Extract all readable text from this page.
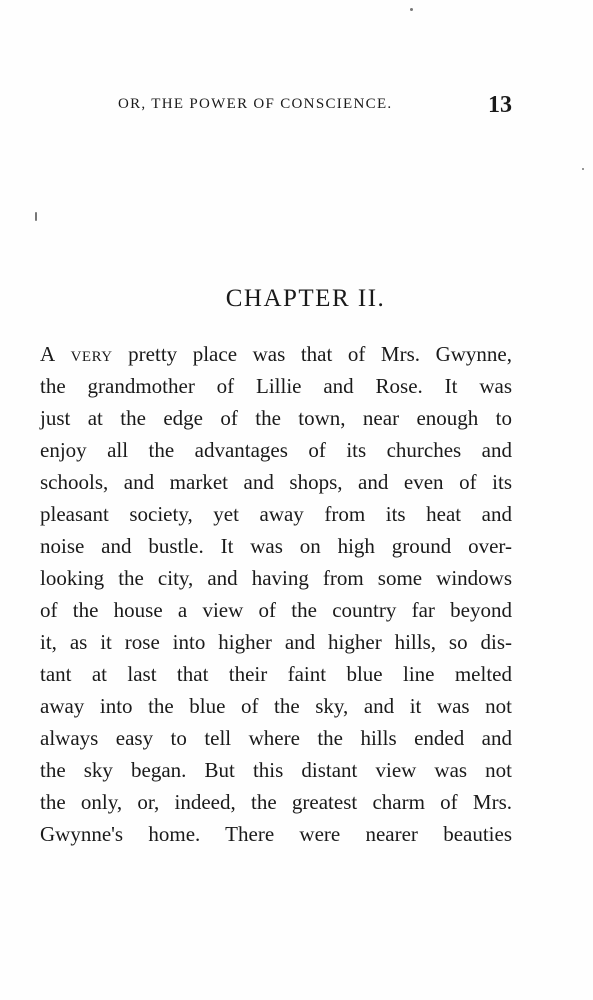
OR, THE POWER OF CONSCIENCE.	13
CHAPTER II.
A very pretty place was that of Mrs. Gwynne,
the grandmother of Lillie and Rose. It was
just at the edge of the town, near enough to
enjoy all the advantages of its churches and
schools, and market and shops, and even of its
pleasant society, yet away from its heat and
noise and bustle. It was on high ground over-
looking the city, and having from some windows
of the house a view of the country far beyond
it, as it rose into higher and higher hills, so dis-
tant at last that their faint blue line melted
away into the blue of the sky, and it was not
always easy to tell where the hills ended and
the sky began. But this distant view was not
the only, or, indeed, the greatest charm of Mrs.
Gwynne's home. There were nearer beauties
